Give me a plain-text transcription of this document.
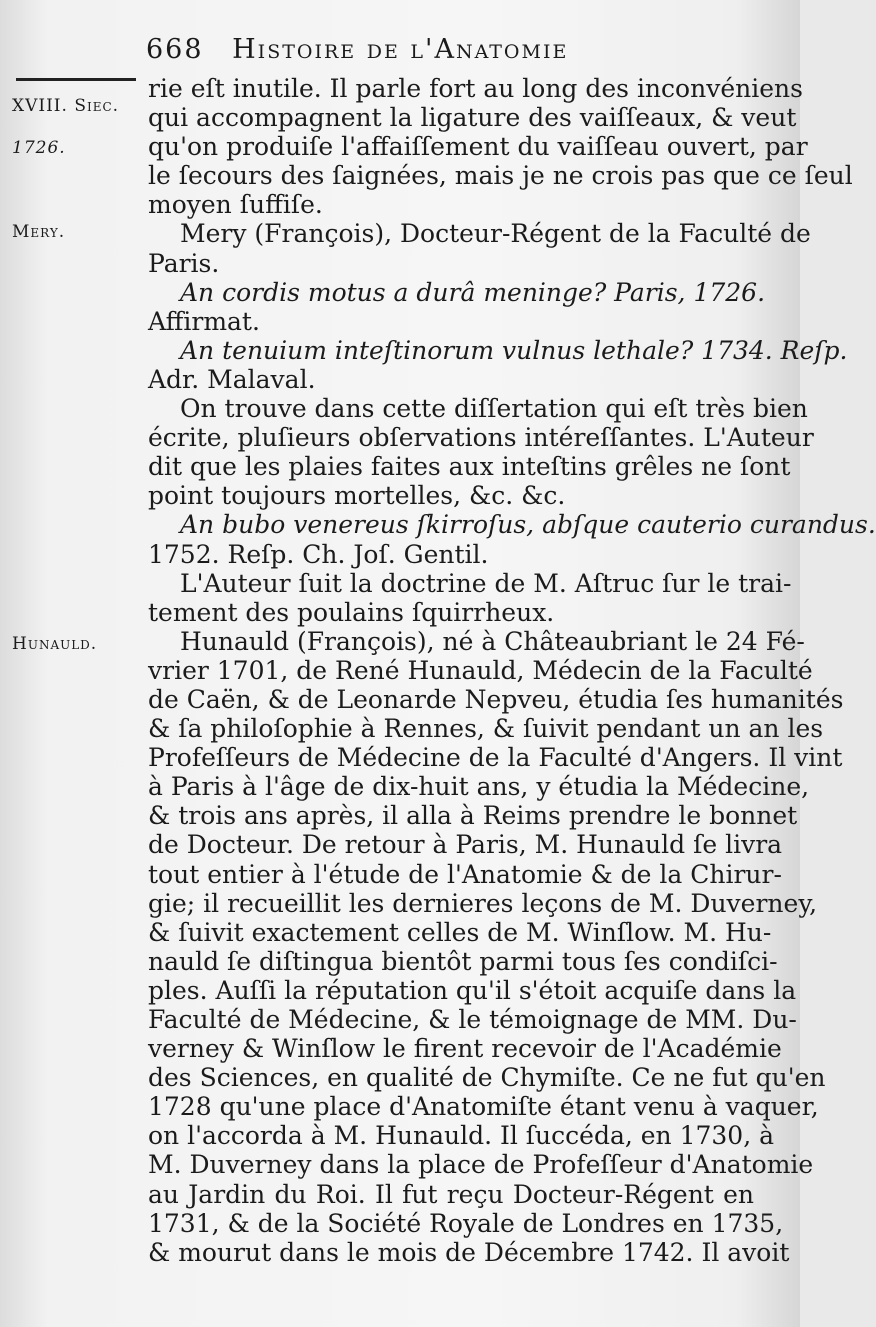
668 Histoire de l'Anatomie
XVIII. Siec.
1726.
Mery.
Hunauld.
rie eſt inutile. Il parle fort au long des inconvéniens
qui accompagnent la ligature des vaiſſeaux, & veut
qu'on produiſe l'affaiſſement du vaiſſeau ouvert, par
le ſecours des ſaignées, mais je ne crois pas que ce ſeul
moyen ſuffiſe.
Mery (François), Docteur-Régent de la Faculté de
Paris.
An cordis motus a durâ meninge? Paris, 1726.
Affirmat.
An tenuium inteſtinorum vulnus lethale? 1734. Reſp.
Adr. Malaval.
On trouve dans cette diſſertation qui eſt très bien
écrite, pluſieurs obſervations intéreſſantes. L'Auteur
dit que les plaies faites aux inteſtins grêles ne ſont
point toujours mortelles, &c. &c.
An bubo venereus ſkirroſus, abſque cauterio curandus.
1752. Reſp. Ch. Joſ. Gentil.
L'Auteur ſuit la doctrine de M. Aſtruc ſur le trai-
tement des poulains ſquirrheux.
Hunauld (François), né à Châteaubriant le 24 Fé-
vrier 1701, de René Hunauld, Médecin de la Faculté
de Caën, & de Leonarde Nepveu, étudia ſes humanités
& ſa philoſophie à Rennes, & ſuivit pendant un an les
Profeſſeurs de Médecine de la Faculté d'Angers. Il vint
à Paris à l'âge de dix-huit ans, y étudia la Médecine,
& trois ans après, il alla à Reims prendre le bonnet
de Docteur. De retour à Paris, M. Hunauld ſe livra
tout entier à l'étude de l'Anatomie & de la Chirur-
gie; il recueillit les dernieres leçons de M. Duverney,
& ſuivit exactement celles de M. Winſlow. M. Hu-
nauld ſe diſtingua bientôt parmi tous ſes condiſci-
ples. Auſſi la réputation qu'il s'étoit acquiſe dans la
Faculté de Médecine, & le témoignage de MM. Du-
verney & Winſlow le firent recevoir de l'Académie
des Sciences, en qualité de Chymiſte. Ce ne fut qu'en
1728 qu'une place d'Anatomiſte étant venu à vaquer,
on l'accorda à M. Hunauld. Il ſuccéda, en 1730, à
M. Duverney dans la place de Profeſſeur d'Anatomie
au Jardin du Roi. Il fut reçu Docteur-Régent en
1731, & de la Société Royale de Londres en 1735,
& mourut dans le mois de Décembre 1742. Il avoit
